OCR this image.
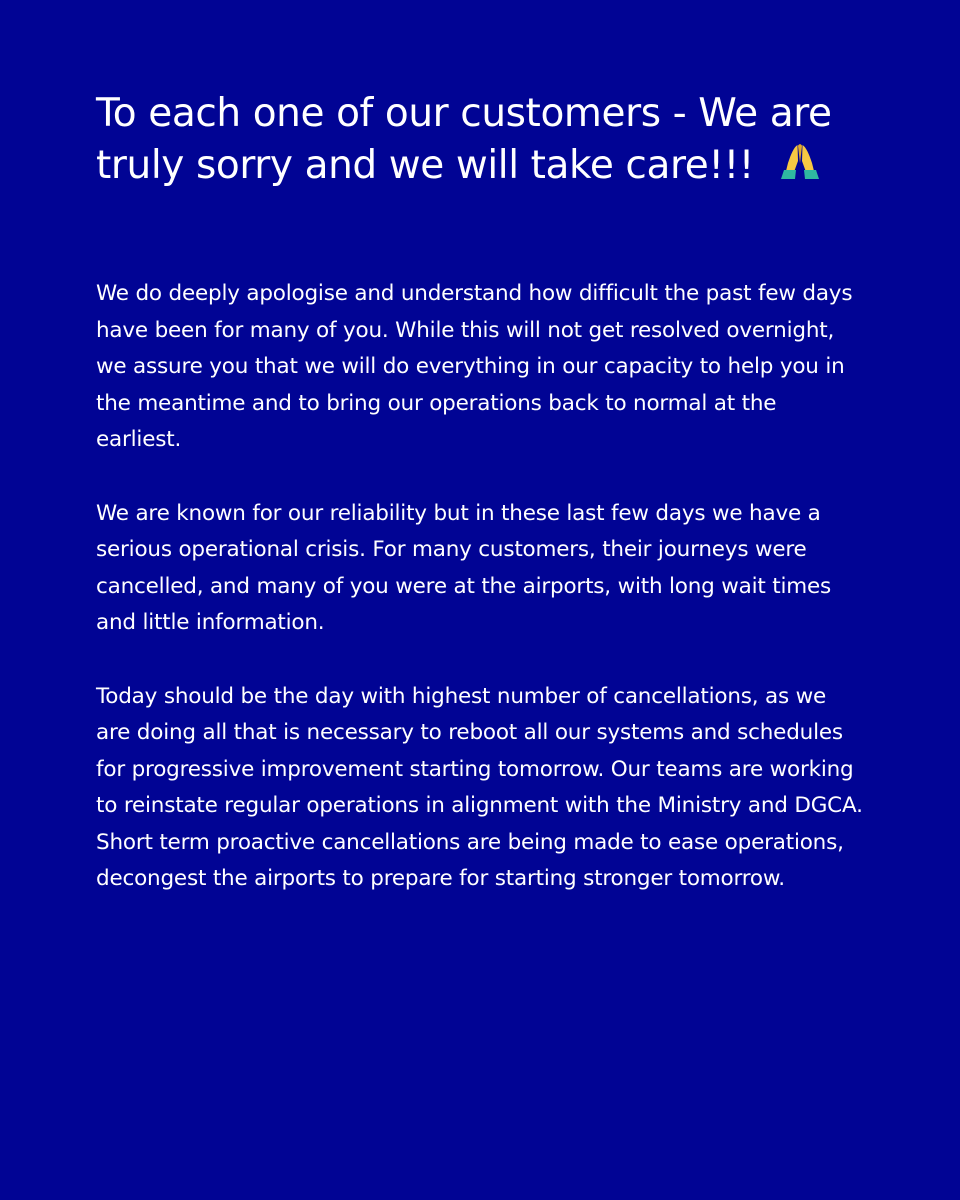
To each one of our customers - We are truly sorry and we will take care!!!

We do deeply apologise and understand how difficult the past few days have been for many of you. While this will not get resolved overnight, we assure you that we will do everything in our capacity to help you in the meantime and to bring our operations back to normal at the earliest.

We are known for our reliability but in these last few days we have a serious operational crisis. For many customers, their journeys were cancelled, and many of you were at the airports, with long wait times and little information.

Today should be the day with highest number of cancellations, as we are doing all that is necessary to reboot all our systems and schedules for progressive improvement starting tomorrow. Our teams are working to reinstate regular operations in alignment with the Ministry and DGCA. Short term proactive cancellations are being made to ease operations, decongest the airports to prepare for starting stronger tomorrow.
